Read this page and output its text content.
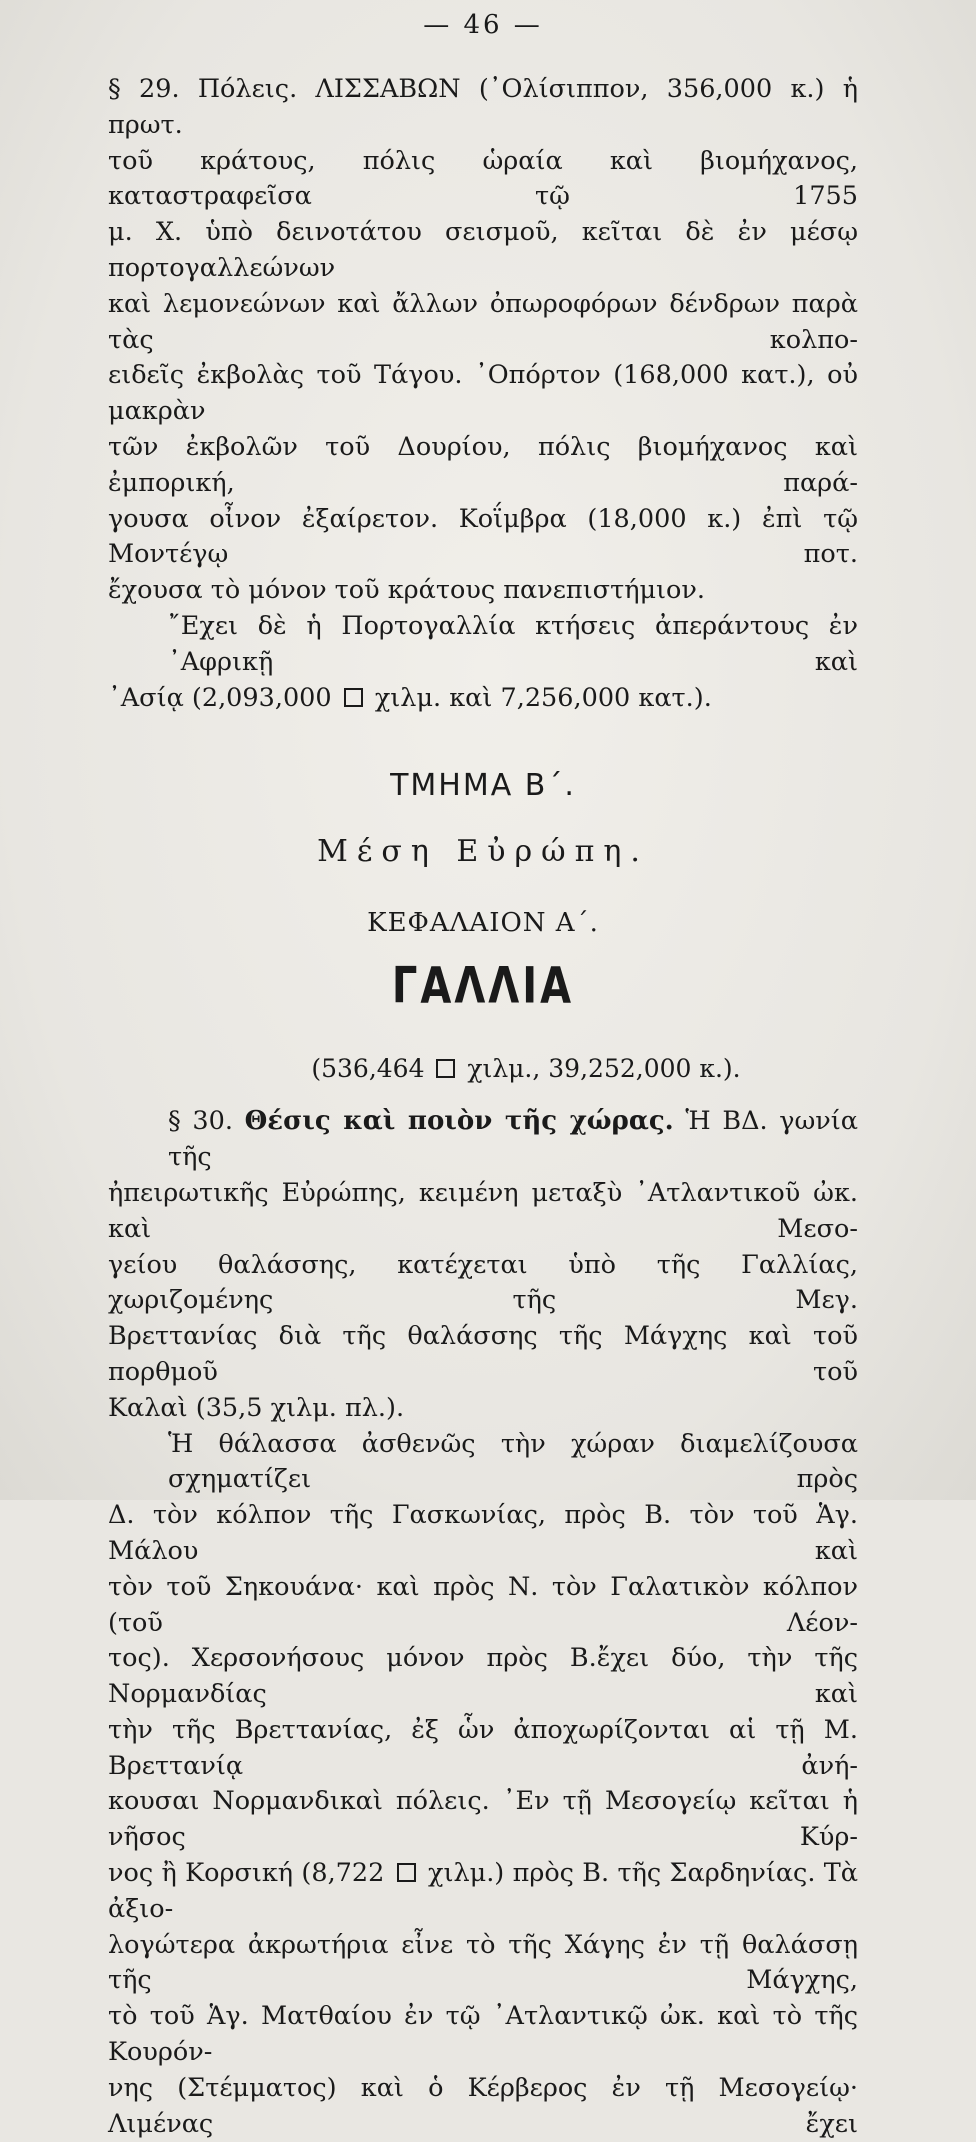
— 46 —
§ 29. Πόλεις. ΛΙΣΣΑΒΩΝ (᾿Ολίσιππον, 356,000 κ.) ἡ πρωτ.
τοῦ κράτους, πόλις ὡραία καὶ βιομήχανος, καταστραφεῖσα τῷ 1755
μ. Χ. ὑπὸ δεινοτάτου σεισμοῦ, κεῖται δὲ ἐν μέσῳ πορτογαλλεώνων
καὶ λεμονεώνων καὶ ἄλλων ὀπωροφόρων δένδρων παρὰ τὰς κολπο-
ειδεῖς ἐκβολὰς τοῦ Τάγου. ᾿Οπόρτον (168,000 κατ.), οὐ μακρὰν
τῶν ἐκβολῶν τοῦ Δουρίου, πόλις βιομήχανος καὶ ἐμπορική, παρά-
γουσα οἶνον ἐξαίρετον. Κοΐμβρα (18,000 κ.) ἐπὶ τῷ Μοντέγῳ ποτ.
ἔχουσα τὸ μόνον τοῦ κράτους πανεπιστήμιον.
῎Εχει δὲ ἡ Πορτογαλλία κτήσεις ἀπεράντους ἐν ᾿Αφρικῇ καὶ
᾿Ασίᾳ (2,093,000 χιλμ. καὶ 7,256,000 κατ.).
ΤΜΗΜΑ Β΄.
Μέση Εὐρώπη.
ΚΕΦΑΛΑΙΟΝ Α΄.
ΓΑΛΛΙΑ
(536,464 χιλμ., 39,252,000 κ.).
§ 30. Θέσις καὶ ποιὸν τῆς χώρας. Ἡ ΒΔ. γωνία τῆς
ἠπειρωτικῆς Εὐρώπης, κειμένη μεταξὺ ᾿Ατλαντικοῦ ὠκ. καὶ Μεσο-
γείου θαλάσσης, κατέχεται ὑπὸ τῆς Γαλλίας, χωριζομένης τῆς Μεγ.
Βρεττανίας διὰ τῆς θαλάσσης τῆς Μάγχης καὶ τοῦ πορθμοῦ τοῦ
Καλαὶ (35,5 χιλμ. πλ.).
Ἡ θάλασσα ἀσθενῶς τὴν χώραν διαμελίζουσα σχηματίζει πρὸς
Δ. τὸν κόλπον τῆς Γασκωνίας, πρὸς Β. τὸν τοῦ Ἁγ. Μάλου καὶ
τὸν τοῦ Σηκουάνα· καὶ πρὸς Ν. τὸν Γαλατικὸν κόλπον (τοῦ Λέον-
τος). Χερσονήσους μόνον πρὸς Β.ἔχει δύο, τὴν τῆς Νορμανδίας καὶ
τὴν τῆς Βρεττανίας, ἐξ ὧν ἀποχωρίζονται αἱ τῇ Μ. Βρεττανίᾳ ἀνή-
κουσαι Νορμανδικαὶ πόλεις. ᾿Εν τῇ Μεσογείῳ κεῖται ἡ νῆσος Κύρ-
νος ἢ Κορσική (8,722 χιλμ.) πρὸς Β. τῆς Σαρδηνίας. Τὰ ἀξιο-
λογώτερα ἀκρωτήρια εἶνε τὸ τῆς Χάγης ἐν τῇ θαλάσσῃ τῆς Μάγχης,
τὸ τοῦ Ἁγ. Ματθαίου ἐν τῷ ᾿Ατλαντικῷ ὠκ. καὶ τὸ τῆς Κουρόν-
νης (Στέμματος) καὶ ὁ Κέρβερος ἐν τῇ Μεσογείῳ· Λιμένας ἔχει
